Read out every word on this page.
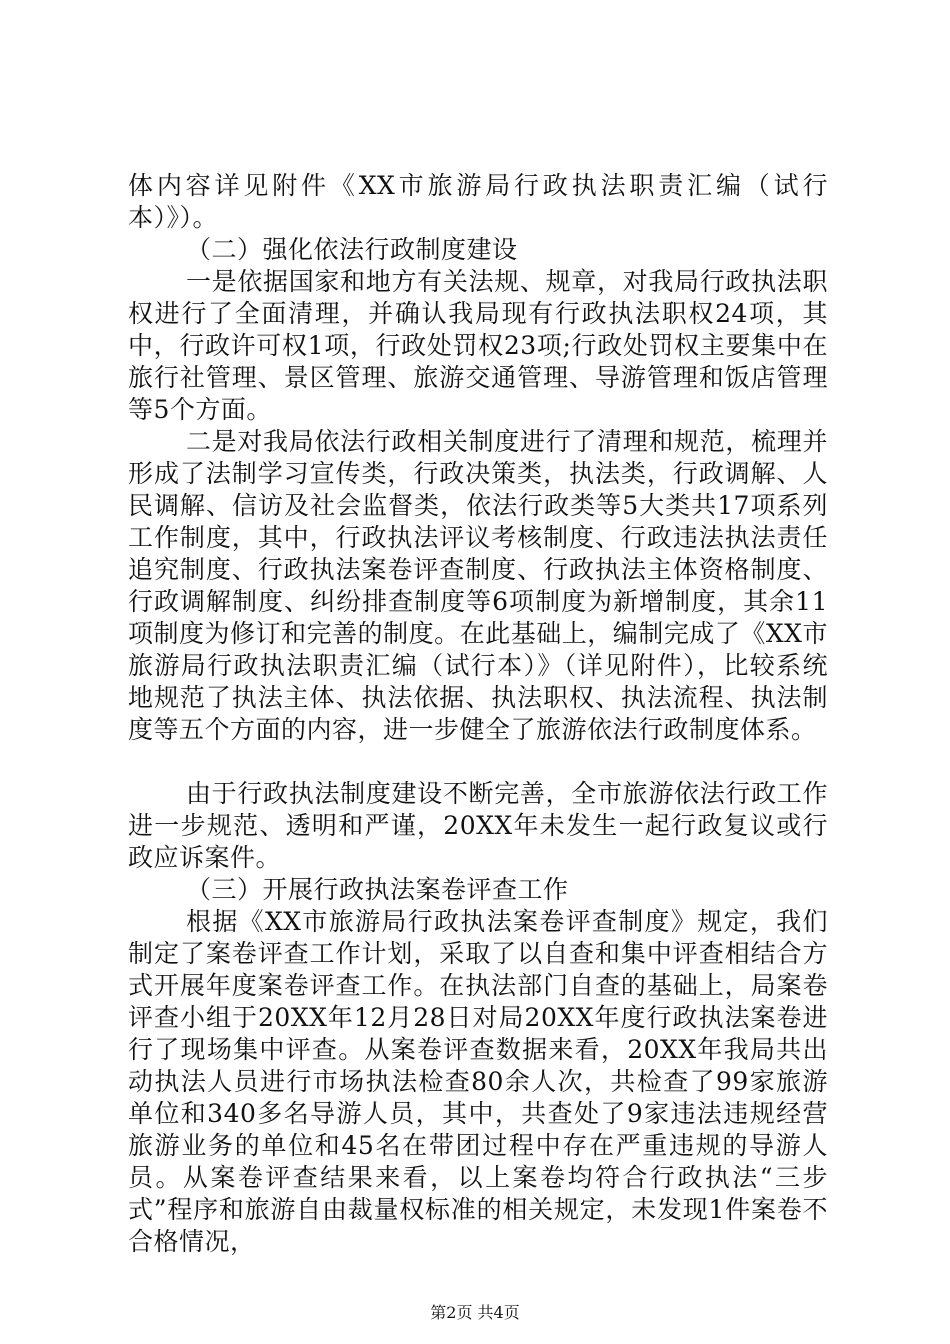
体内容详见附件《XX市旅游局行政执法职责汇编（试行本）》）。

（二）强化依法行政制度建设

一是依据国家和地方有关法规、规章，对我局行政执法职权进行了全面清理，并确认我局现有行政执法职权24项，其中，行政许可权1项，行政处罚权23项;行政处罚权主要集中在旅行社管理、景区管理、旅游交通管理、导游管理和饭店管理等5个方面。

二是对我局依法行政相关制度进行了清理和规范，梳理并形成了法制学习宣传类，行政决策类，执法类，行政调解、人民调解、信访及社会监督类，依法行政类等5大类共17项系列工作制度，其中，行政执法评议考核制度、行政违法执法责任追究制度、行政执法案卷评查制度、行政执法主体资格制度、行政调解制度、纠纷排查制度等6项制度为新增制度，其余11项制度为修订和完善的制度。在此基础上，编制完成了《XX市旅游局行政执法职责汇编（试行本）》（详见附件），比较系统地规范了执法主体、执法依据、执法职权、执法流程、执法制度等五个方面的内容，进一步健全了旅游依法行政制度体系。

由于行政执法制度建设不断完善，全市旅游依法行政工作进一步规范、透明和严谨，20XX年未发生一起行政复议或行政应诉案件。

（三）开展行政执法案卷评查工作

根据《XX市旅游局行政执法案卷评查制度》规定，我们制定了案卷评查工作计划，采取了以自查和集中评查相结合方式开展年度案卷评查工作。在执法部门自查的基础上，局案卷评查小组于20XX年12月28日对局20XX年度行政执法案卷进行了现场集中评查。从案卷评查数据来看，20XX年我局共出动执法人员进行市场执法检查80余人次，共检查了99家旅游单位和340多名导游人员，其中，共查处了9家违法违规经营旅游业务的单位和45名在带团过程中存在严重违规的导游人员。从案卷评查结果来看，以上案卷均符合行政执法“三步式”程序和旅游自由裁量权标准的相关规定，未发现1件案卷不合格情况，

第2页 共4页
